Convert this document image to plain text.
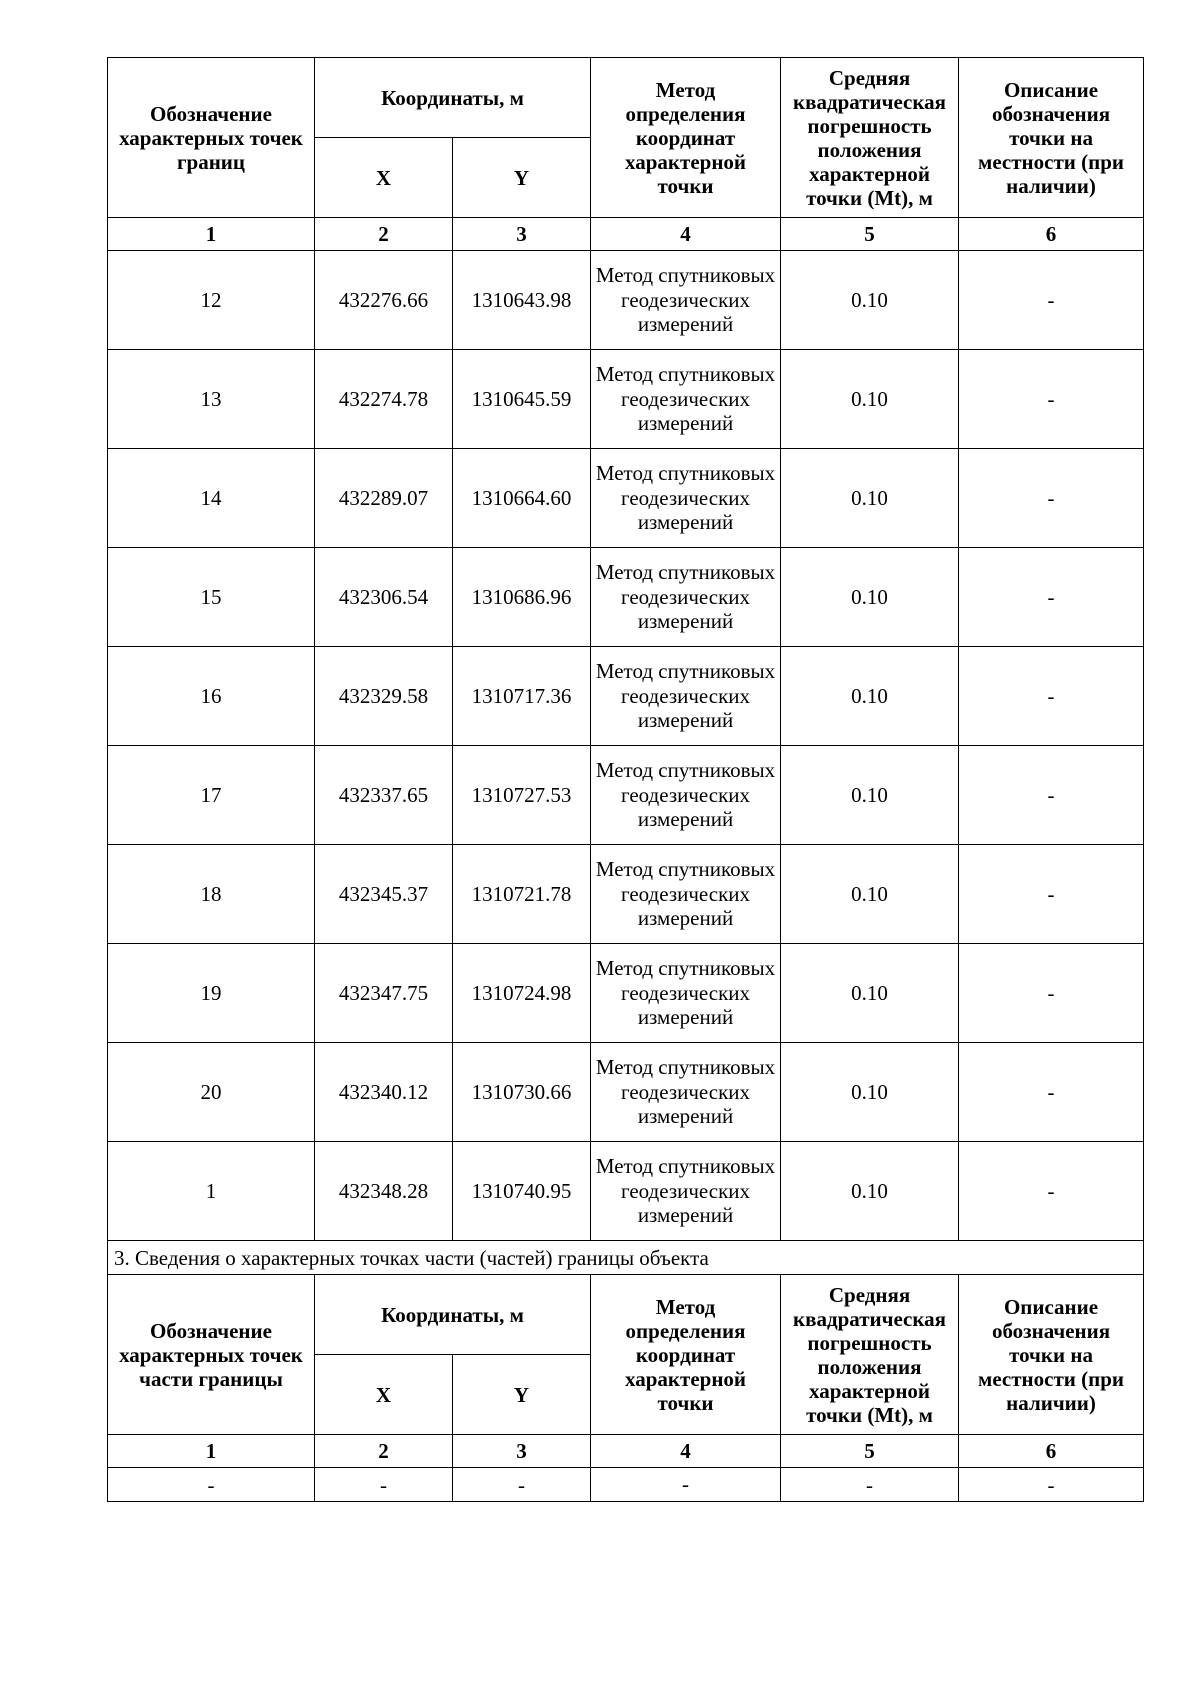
Обозначение характерных точек границ	Координаты, м		Метод определения координат характерной точки	Средняя квадратическая погрешность положения характерной точки (Mt), м	Описание обозначения точки на местности (при наличии)
	X	Y			
1	2	3	4	5	6
12	432276.66	1310643.98	Метод спутниковых геодезических измерений	0.10	-
13	432274.78	1310645.59	Метод спутниковых геодезических измерений	0.10	-
14	432289.07	1310664.60	Метод спутниковых геодезических измерений	0.10	-
15	432306.54	1310686.96	Метод спутниковых геодезических измерений	0.10	-
16	432329.58	1310717.36	Метод спутниковых геодезических измерений	0.10	-
17	432337.65	1310727.53	Метод спутниковых геодезических измерений	0.10	-
18	432345.37	1310721.78	Метод спутниковых геодезических измерений	0.10	-
19	432347.75	1310724.98	Метод спутниковых геодезических измерений	0.10	-
20	432340.12	1310730.66	Метод спутниковых геодезических измерений	0.10	-
1	432348.28	1310740.95	Метод спутниковых геодезических измерений	0.10	-
3. Сведения о характерных точках части (частей) границы объекта					
Обозначение характерных точек части границы	Координаты, м		Метод определения координат характерной точки	Средняя квадратическая погрешность положения характерной точки (Mt), м	Описание обозначения точки на местности (при наличии)
	X	Y			
1	2	3	4	5	6
-	-	-	-	-	-
